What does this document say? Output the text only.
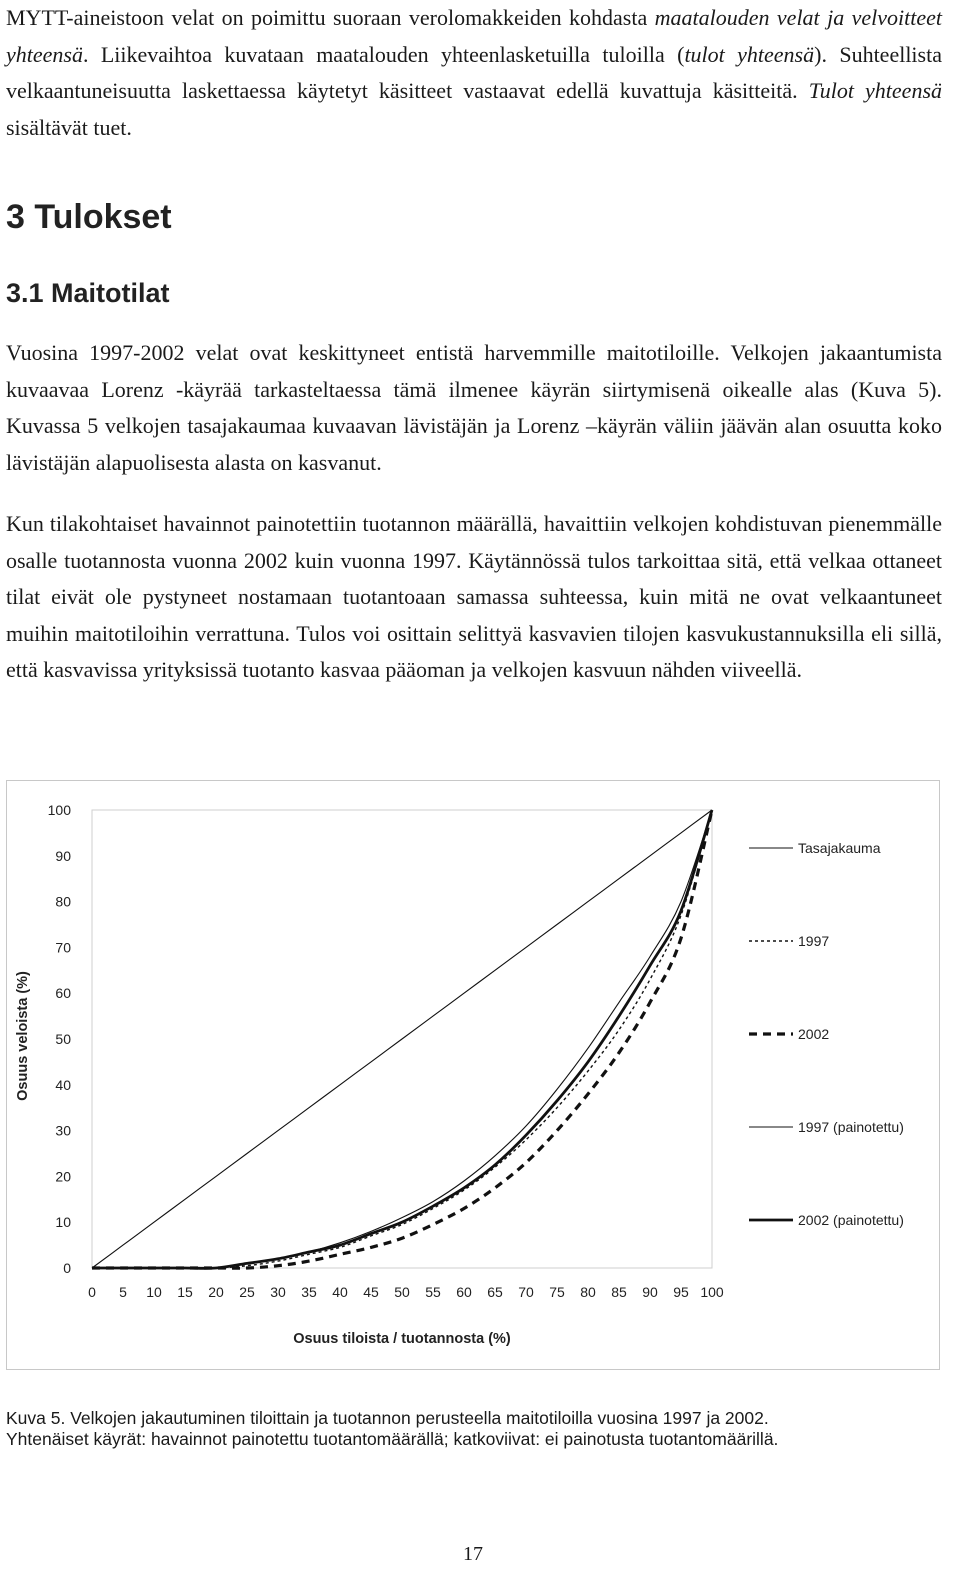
MYTT-aineistoon velat on poimittu suoraan verolomakkeiden kohdasta maatalouden velat ja velvoitteet yhteensä. Liikevaihtoa kuvataan maatalouden yhteenlasketuilla tuloilla (tulot yhteensä). Suhteellista velkaantuneisuutta laskettaessa käytetyt käsitteet vastaavat edellä kuvattuja käsitteitä. Tulot yhteensä sisältävät tuet.

3 Tulokset
3.1 Maitotilat

Vuosina 1997-2002 velat ovat keskittyneet entistä harvemmille maitotiloille. Velkojen jakaantumista kuvaavaa Lorenz -käyrää tarkasteltaessa tämä ilmenee käyrän siirtymisenä oikealle alas (Kuva 5). Kuvassa 5 velkojen tasajakaumaa kuvaavan lävistäjän ja Lorenz –käyrän väliin jäävän alan osuutta koko lävistäjän alapuolisesta alasta on kasvanut.

Kun tilakohtaiset havainnot painotettiin tuotannon määrällä, havaittiin velkojen kohdistuvan pienemmälle osalle tuotannosta vuonna 2002 kuin vuonna 1997. Käytännössä tulos tarkoittaa sitä, että velkaa ottaneet tilat eivät ole pystyneet nostamaan tuotantoaan samassa suhteessa, kuin mitä ne ovat velkaantuneet muihin maitotiloihin verrattuna. Tulos voi osittain selittyä kasvavien tilojen kasvukustannuksilla eli sillä, että kasvavissa yrityksissä tuotanto kasvaa pääoman ja velkojen kasvuun nähden viiveellä.

0
10
20
30
40
50
60
70
80
90
100
0 5 10 15 20 25 30 35 40 45 50 55 60 65 70 75 80 85 90 95 100
Osuus tiloista / tuotannosta (%)
Osuus veloista (%)
Tasajakauma
1997
2002
1997 (painotettu)
2002 (painotettu)

Kuva 5. Velkojen jakautuminen tiloittain ja tuotannon perusteella maitotiloilla vuosina 1997 ja 2002.
Yhtenäiset käyrät: havainnot painotettu tuotantomäärällä; katkoviivat: ei painotusta tuotantomäärillä.

17
